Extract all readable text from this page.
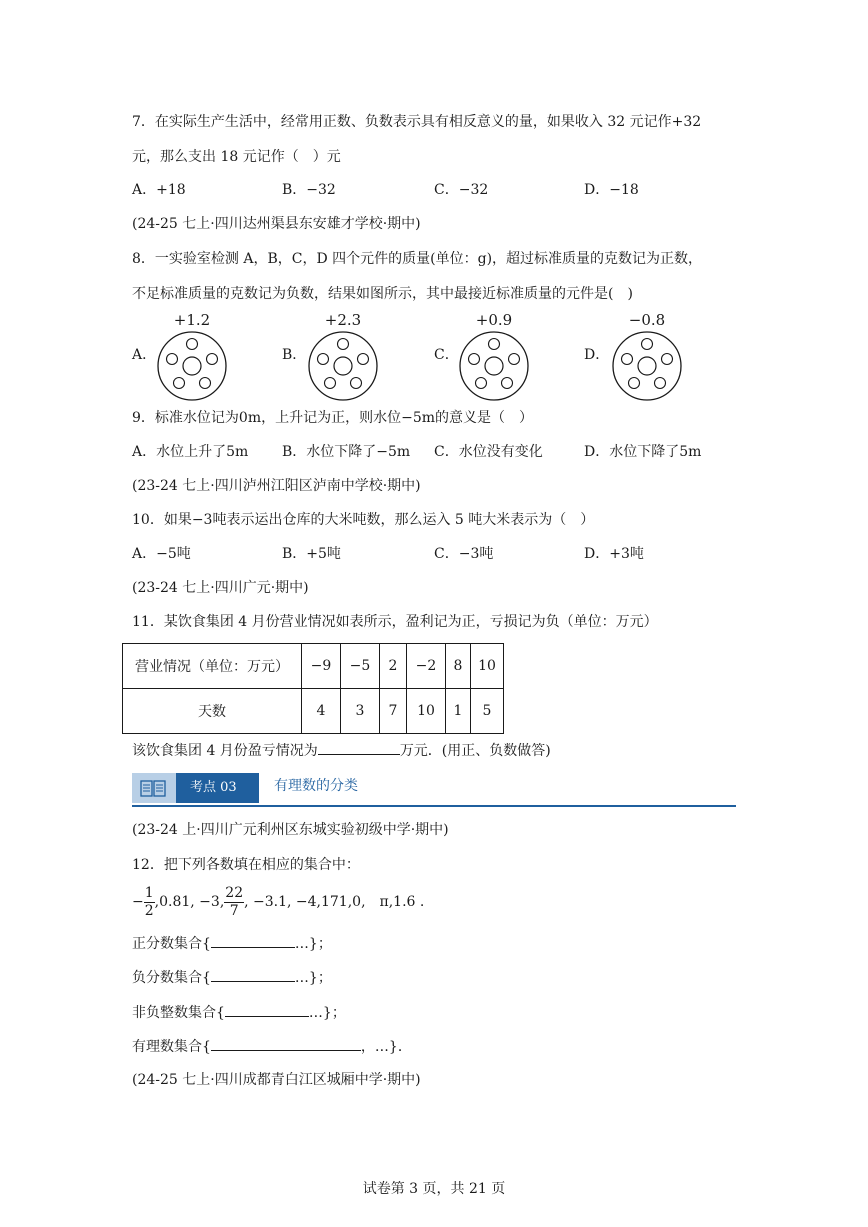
7．在实际生产生活中，经常用正数、负数表示具有相反意义的量，如果收入 32 元记作+32
元，那么支出 18 元记作（　）元
A．+18	B．−32	C．−32	D．−18
(24-25 七上·四川达州渠县东安雄才学校·期中)
8．一实验室检测 A，B，C，D 四个元件的质量(单位：g)，超过标准质量的克数记为正数，
不足标准质量的克数记为负数，结果如图所示，其中最接近标准质量的元件是(　)
A．
+1.2
B．
+2.3
C．
+0.9
D．
−0.8
9．标准水位记为0m，上升记为正，则水位−5m的意义是（　）
A．水位上升了5m B．水位下降了−5m C．水位没有变化	D．水位下降了5m
(23-24 七上·四川泸州江阳区泸南中学校·期中)
10．如果−3吨表示运出仓库的大米吨数，那么运入 5 吨大米表示为（　）
A．−5吨	B．+5吨	C．−3吨	D．+3吨
(23-24 七上·四川广元·期中)
11．某饮食集团 4 月份营业情况如表所示，盈利记为正，亏损记为负（单位：万元）
营业情况（单位：万元）	−9	−5	2	−2	8	10
天数	4	3	7	10	1	5
该饮食集团 4 月份盈亏情况为	万元．(用正、负数做答)
考点 03	有理数的分类
(23-24 上·四川广元利州区东城实验初级中学·期中)
12．把下列各数填在相应的集合中：
− $\frac{1}{2} ,0.81$, −3, $\frac{22}{7}$ , −3.1, −4,171,0,　π,1.6 .
正分数集合{	…}；
负分数集合{	…}；
非负整数集合{	…}；
有理数集合{	，…}．
(24-25 七上·四川成都青白江区城厢中学·期中)
试卷第 3 页，共 21 页
